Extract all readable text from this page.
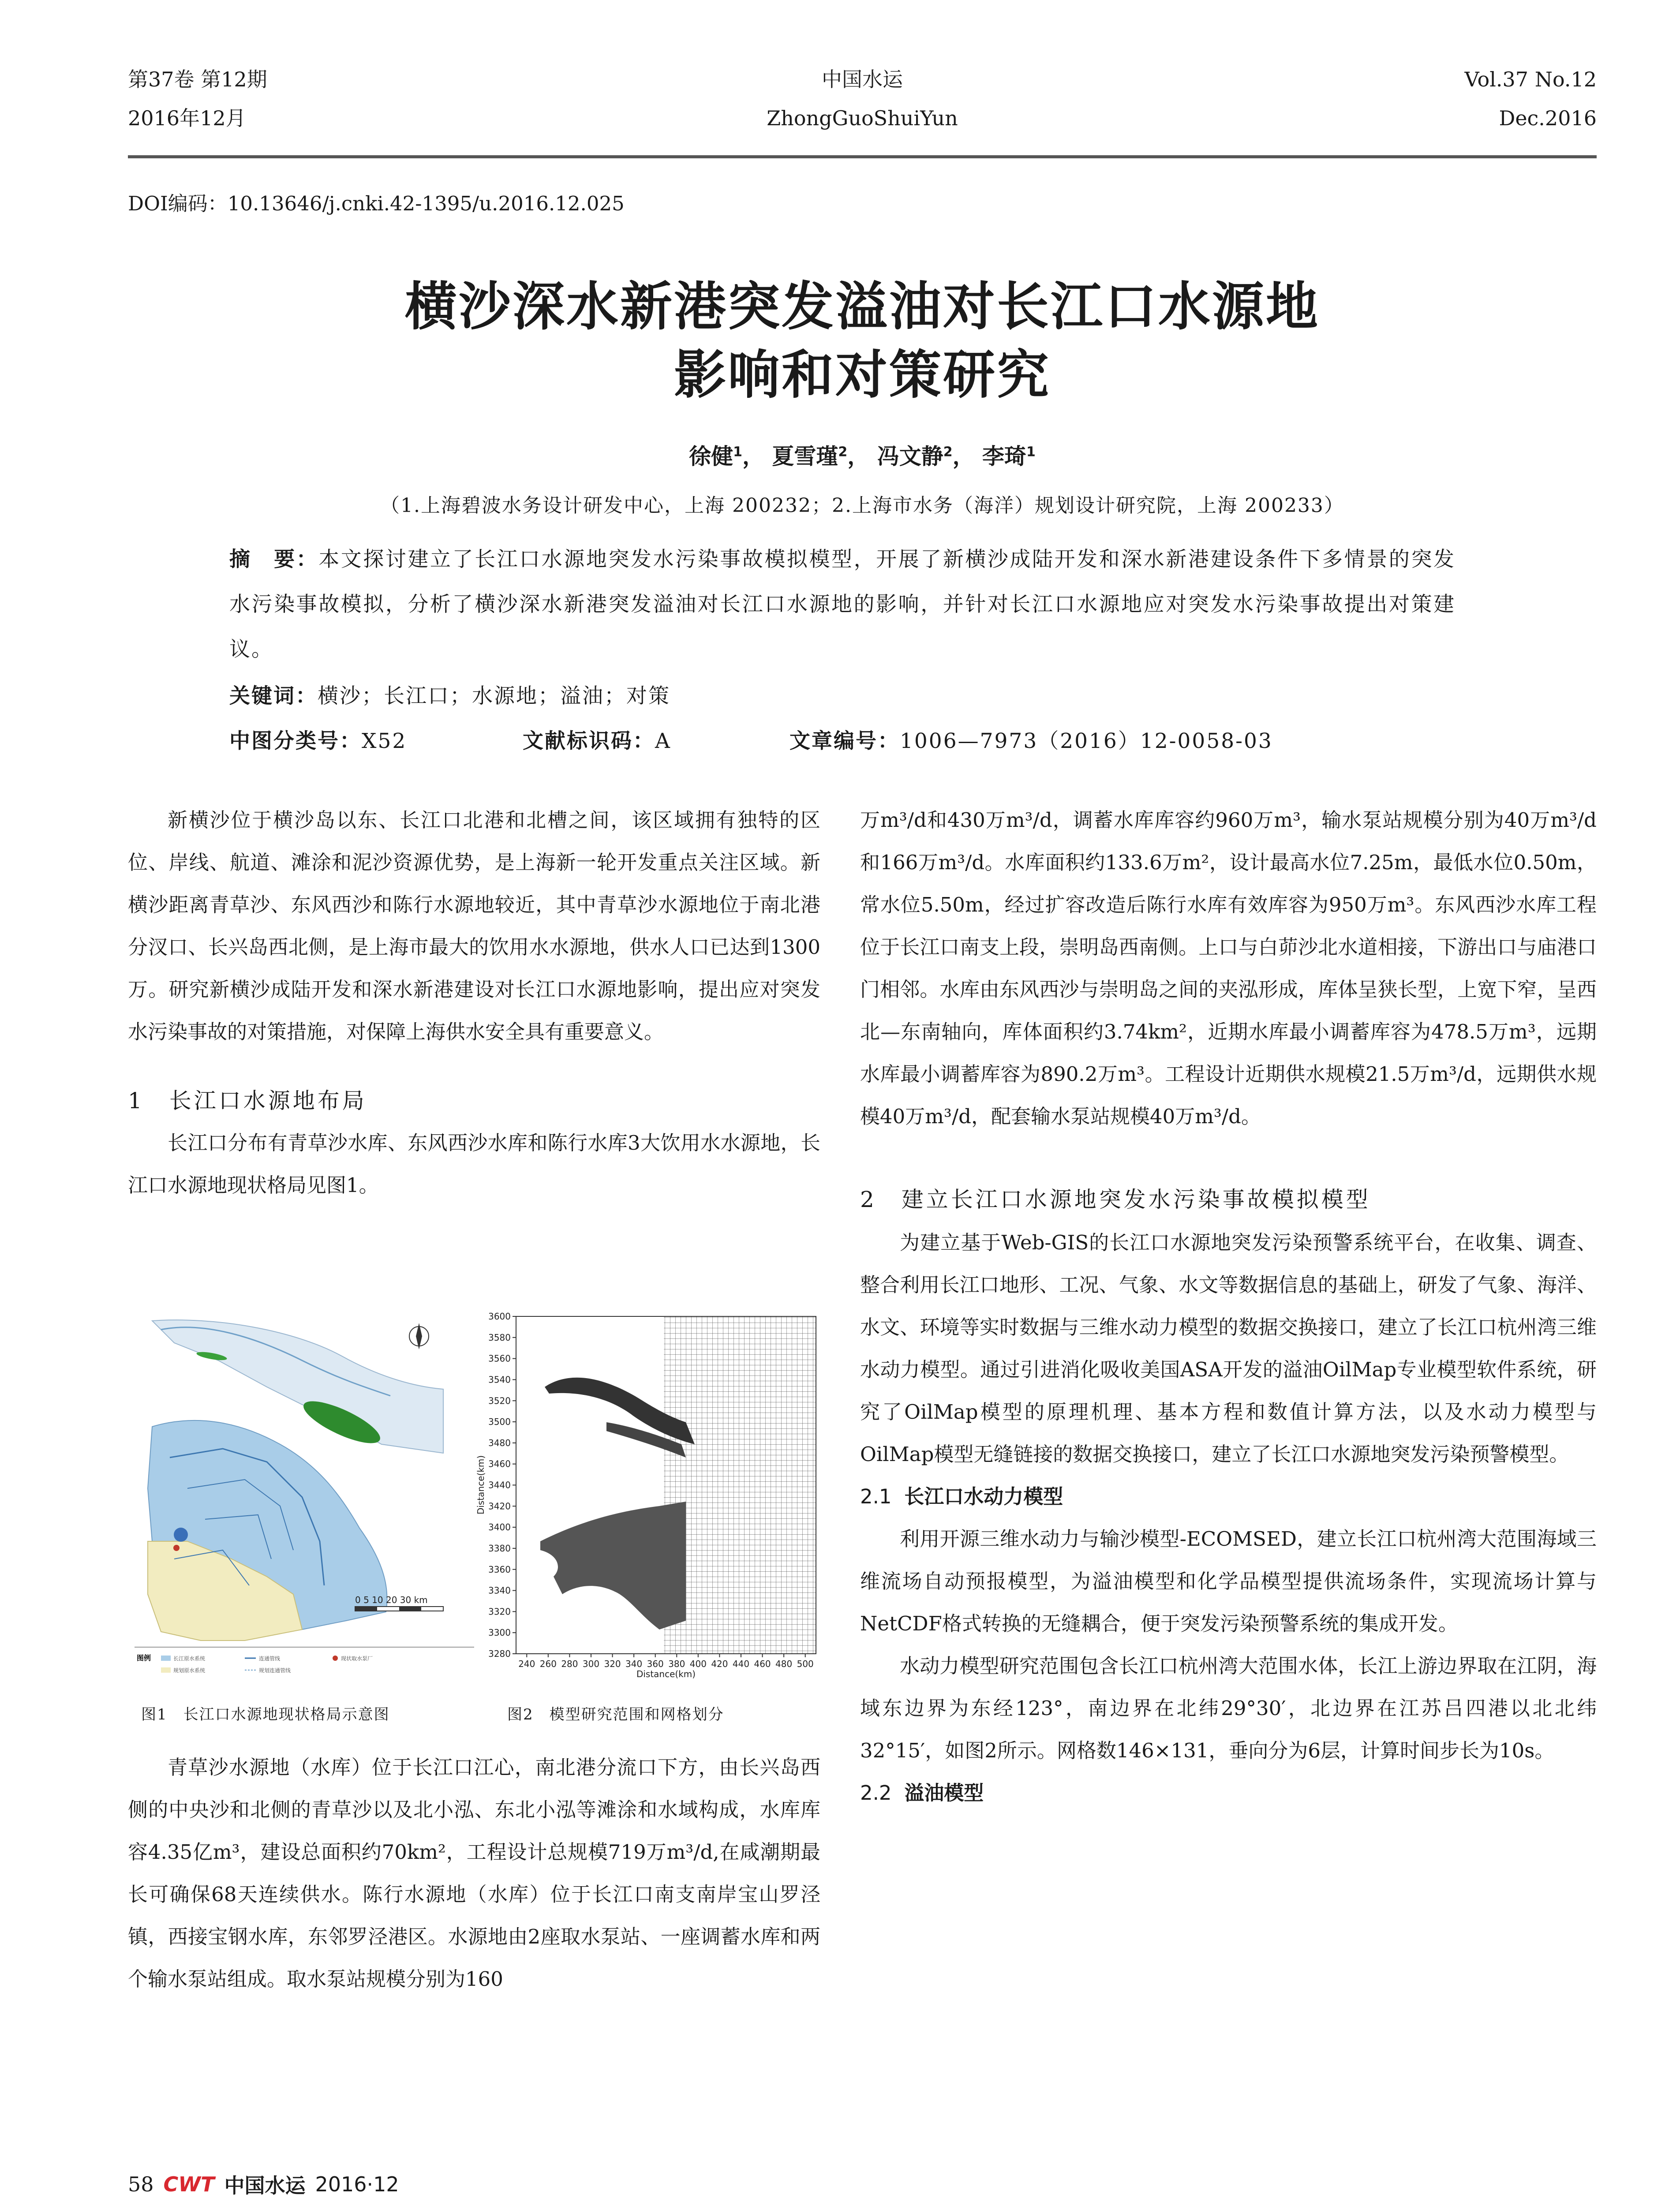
第37卷 第12期
2016年12月
中国水运
ZhongGuoShuiYun
Vol.37 No.12
Dec.2016
DOI编码：10.13646/j.cnki.42-1395/u.2016.12.025
横沙深水新港突发溢油对长江口水源地
影响和对策研究
徐健$^1$， 夏雪瑾$^2$， 冯文静$^2$， 李琦$^1$
（1.上海碧波水务设计研发中心，上海 200232；2.上海市水务（海洋）规划设计研究院，上海 200233）
摘　要：本文探讨建立了长江口水源地突发水污染事故模拟模型，开展了新横沙成陆开发和深水新港建设条件下多情景的突发水污染事故模拟，分析了横沙深水新港突发溢油对长江口水源地的影响，并针对长江口水源地应对突发水污染事故提出对策建议。
关键词：横沙；长江口；水源地；溢油；对策
中图分类号：X52	文献标识码：A	文章编号：1006—7973（2016）12-0058-03

新横沙位于横沙岛以东、长江口北港和北槽之间，该区域拥有独特的区位、岸线、航道、滩涂和泥沙资源优势，是上海新一轮开发重点关注区域。新横沙距离青草沙、东风西沙和陈行水源地较近，其中青草沙水源地位于南北港分汊口、长兴岛西北侧，是上海市最大的饮用水水源地，供水人口已达到1300万。研究新横沙成陆开发和深水新港建设对长江口水源地影响，提出应对突发水污染事故的对策措施，对保障上海供水安全具有重要意义。

1　长江口水源地布局

长江口分布有青草沙水库、东风西沙水库和陈行水库3大饮用水水源地，长江口水源地现状格局见图1。

0 5 10 20 30 km
图例	长江原水系统
规划原水系统
连通管线
规划连通管线
现状取水泵厂	240 260 280 300 320 340 360 380 400 420 440 460 480 500
3280
3300
3320
3340
3360
3380
3400
3420
3440
3460
3480
3500
3520
3540
3560
3580
3600
Distance(km)
Distance(km)
图1　长江口水源地现状格局示意图	图2　模型研究范围和网格划分

青草沙水源地（水库）位于长江口江心，南北港分流口下方，由长兴岛西侧的中央沙和北侧的青草沙以及北小泓、东北小泓等滩涂和水域构成，水库库容4.35亿m³，建设总面积约70km²，工程设计总规模719万m³/d,在咸潮期最长可确保68天连续供水。陈行水源地（水库）位于长江口南支南岸宝山罗泾镇，西接宝钢水库，东邻罗泾港区。水源地由2座取水泵站、一座调蓄水库和两个输水泵站组成。取水泵站规模分别为160

万m³/d和430万m³/d，调蓄水库库容约960万m³，输水泵站规模分别为40万m³/d和166万m³/d。水库面积约133.6万m²，设计最高水位7.25m，最低水位0.50m，常水位5.50m，经过扩容改造后陈行水库有效库容为950万m³。东风西沙水库工程位于长江口南支上段，崇明岛西南侧。上口与白茆沙北水道相接，下游出口与庙港口门相邻。水库由东风西沙与崇明岛之间的夹泓形成，库体呈狭长型，上宽下窄，呈西北—东南轴向，库体面积约3.74km²，近期水库最小调蓄库容为478.5万m³，远期水库最小调蓄库容为890.2万m³。工程设计近期供水规模21.5万m³/d，远期供水规模40万m³/d，配套输水泵站规模40万m³/d。

2　建立长江口水源地突发水污染事故模拟模型

为建立基于Web-GIS的长江口水源地突发污染预警系统平台，在收集、调查、整合利用长江口地形、工况、气象、水文等数据信息的基础上，研发了气象、海洋、水文、环境等实时数据与三维水动力模型的数据交换接口，建立了长江口杭州湾三维水动力模型。通过引进消化吸收美国ASA开发的溢油OilMap专业模型软件系统，研究了OilMap模型的原理机理、基本方程和数值计算方法，以及水动力模型与OilMap模型无缝链接的数据交换接口，建立了长江口水源地突发污染预警模型。

2.1 长江口水动力模型

利用开源三维水动力与输沙模型-ECOMSED，建立长江口杭州湾大范围海域三维流场自动预报模型，为溢油模型和化学品模型提供流场条件，实现流场计算与NetCDF格式转换的无缝耦合，便于突发污染预警系统的集成开发。

水动力模型研究范围包含长江口杭州湾大范围水体，长江上游边界取在江阴，海域东边界为东经123°，南边界在北纬29°30′，北边界在江苏吕四港以北北纬32°15′，如图2所示。网格数146×131，垂向分为6层，计算时间步长为10s。

2.2 溢油模型
58 CWT 中国水运 2016·12
